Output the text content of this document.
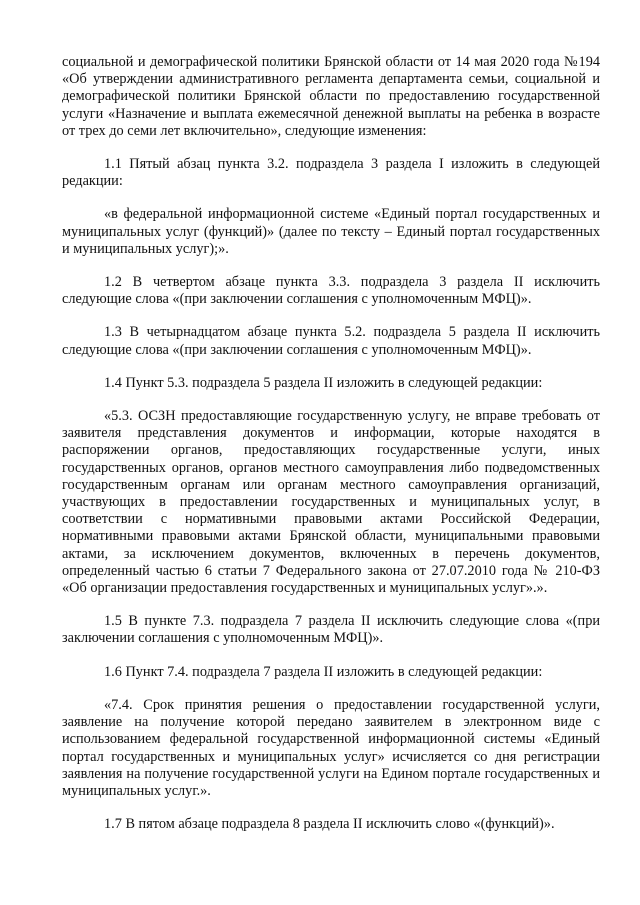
социальной и демографической политики Брянской области от 14 мая 2020 года №194 «Об утверждении административного регламента департамента семьи, социальной и демографической политики Брянской области по предоставлению государственной услуги «Назначение и выплата ежемесячной денежной выплаты на ребенка в возрасте от трех до семи лет включительно», следующие изменения:

1.1 Пятый абзац пункта 3.2. подраздела 3 раздела I изложить в следующей редакции:

«в федеральной информационной системе «Единый портал государственных и муниципальных услуг (функций)» (далее по тексту – Единый портал государственных и муниципальных услуг);».

1.2 В четвертом абзаце пункта 3.3. подраздела 3 раздела II исключить следующие слова «(при заключении соглашения с уполномоченным МФЦ)».

1.3 В четырнадцатом абзаце пункта 5.2. подраздела 5 раздела II исключить следующие слова «(при заключении соглашения с уполномоченным МФЦ)».

1.4 Пункт 5.3. подраздела 5 раздела II изложить в следующей редакции:

«5.3. ОСЗН предоставляющие государственную услугу, не вправе требовать от заявителя представления документов и информации, которые находятся в распоряжении органов, предоставляющих государственные услуги, иных государственных органов, органов местного самоуправления либо подведомственных государственным органам или органам местного самоуправления организаций, участвующих в предоставлении государственных и муниципальных услуг, в соответствии с нормативными правовыми актами Российской Федерации, нормативными правовыми актами Брянской области, муниципальными правовыми актами, за исключением документов, включенных в перечень документов, определенный частью 6 статьи 7 Федерального закона от 27.07.2010 года № 210-ФЗ «Об организации предоставления государственных и муниципальных услуг».».

1.5 В пункте 7.3. подраздела 7 раздела II исключить следующие слова «(при заключении соглашения с уполномоченным МФЦ)».

1.6 Пункт 7.4. подраздела 7 раздела II изложить в следующей редакции:

«7.4. Срок принятия решения о предоставлении государственной услуги, заявление на получение которой передано заявителем в электронном виде с использованием федеральной государственной информационной системы «Единый портал государственных и муниципальных услуг» исчисляется со дня регистрации заявления на получение государственной услуги на Едином портале государственных и муниципальных услуг.».

1.7 В пятом абзаце подраздела 8 раздела II исключить слово «(функций)».
